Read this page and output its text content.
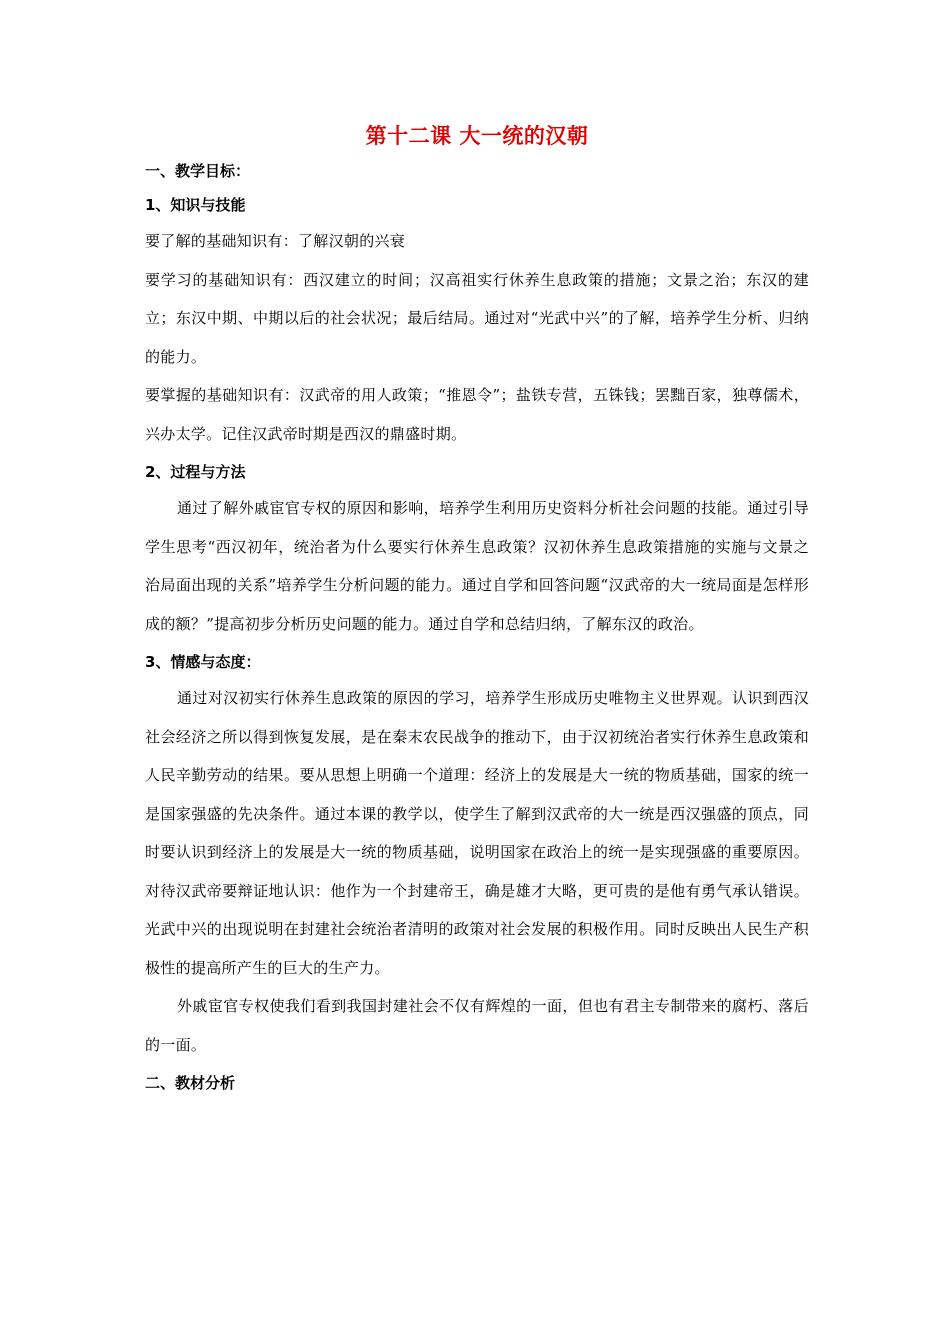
第十二课 大一统的汉朝
一、教学目标：
1、知识与技能

要了解的基础知识有：了解汉朝的兴衰

要学习的基础知识有：西汉建立的时间；汉高祖实行休养生息政策的措施；文景之治；东汉的建立；东汉中期、中期以后的社会状况；最后结局。通过对“光武中兴”的了解，培养学生分析、归纳的能力。

要掌握的基础知识有：汉武帝的用人政策；“推恩令”；盐铁专营，五铢钱；罢黜百家，独尊儒术，兴办太学。记住汉武帝时期是西汉的鼎盛时期。

2、过程与方法

通过了解外戚宦官专权的原因和影响，培养学生利用历史资料分析社会问题的技能。通过引导学生思考“西汉初年，统治者为什么要实行休养生息政策？汉初休养生息政策措施的实施与文景之治局面出现的关系”培养学生分析问题的能力。通过自学和回答问题“汉武帝的大一统局面是怎样形成的额？”提高初步分析历史问题的能力。通过自学和总结归纳，了解东汉的政治。

3、情感与态度：

通过对汉初实行休养生息政策的原因的学习，培养学生形成历史唯物主义世界观。认识到西汉社会经济之所以得到恢复发展，是在秦末农民战争的推动下，由于汉初统治者实行休养生息政策和人民辛勤劳动的结果。要从思想上明确一个道理：经济上的发展是大一统的物质基础，国家的统一是国家强盛的先决条件。通过本课的教学以，使学生了解到汉武帝的大一统是西汉强盛的顶点，同时要认识到经济上的发展是大一统的物质基础，说明国家在政治上的统一是实现强盛的重要原因。对待汉武帝要辩证地认识：他作为一个封建帝王，确是雄才大略，更可贵的是他有勇气承认错误。光武中兴的出现说明在封建社会统治者清明的政策对社会发展的积极作用。同时反映出人民生产积极性的提高所产生的巨大的生产力。

外戚宦官专权使我们看到我国封建社会不仅有辉煌的一面，但也有君主专制带来的腐朽、落后的一面。

二、教材分析
